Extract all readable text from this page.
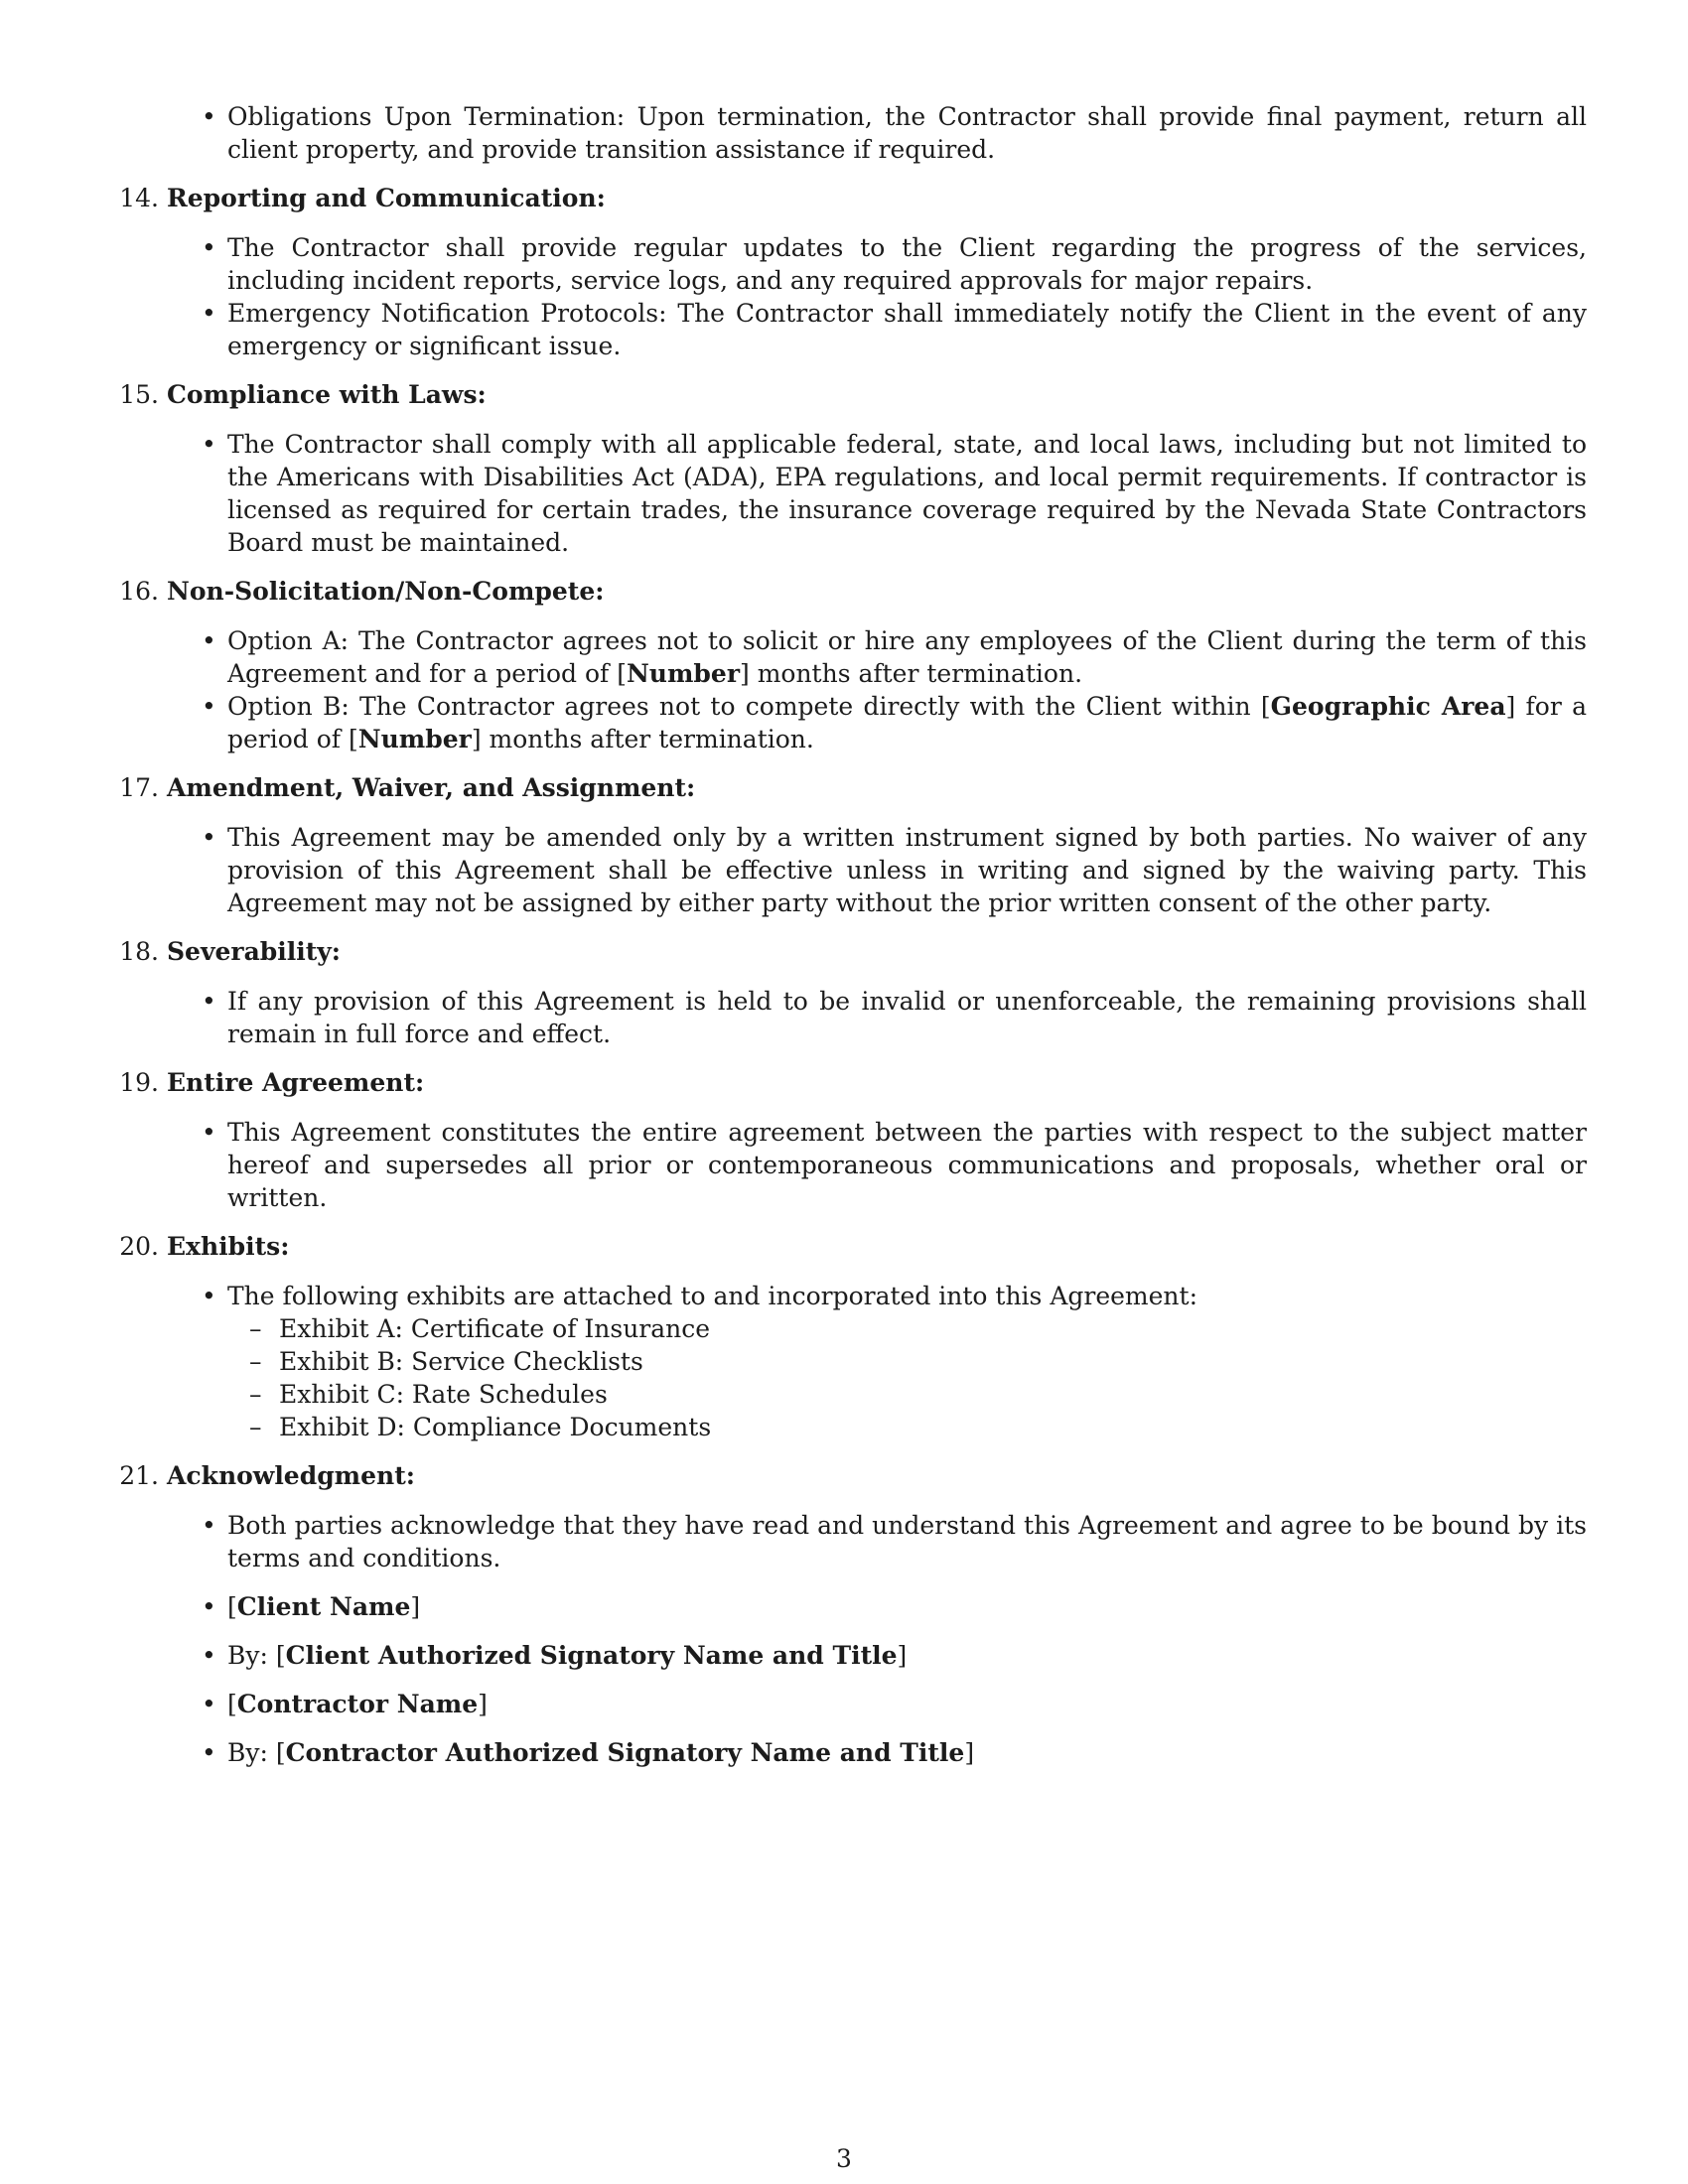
• Obligations Upon Termination: Upon termination, the Contractor shall provide final payment, return all client property, and provide transition assistance if required.
14. Reporting and Communication:
• The Contractor shall provide regular updates to the Client regarding the progress of the services, including incident reports, service logs, and any required approvals for major repairs.
• Emergency Notification Protocols: The Contractor shall immediately notify the Client in the event of any emergency or significant issue.
15. Compliance with Laws:
• The Contractor shall comply with all applicable federal, state, and local laws, including but not limited to the Americans with Disabilities Act (ADA), EPA regulations, and local permit requirements. If contractor is licensed as required for certain trades, the insurance coverage required by the Nevada State Contractors Board must be maintained.
16. Non-Solicitation/Non-Compete:
• Option A: The Contractor agrees not to solicit or hire any employees of the Client during the term of this Agreement and for a period of [Number] months after termination.
• Option B: The Contractor agrees not to compete directly with the Client within [Geographic Area] for a period of [Number] months after termination.
17. Amendment, Waiver, and Assignment:
• This Agreement may be amended only by a written instrument signed by both parties. No waiver of any provision of this Agreement shall be effective unless in writing and signed by the waiving party. This Agreement may not be assigned by either party without the prior written consent of the other party.
18. Severability:
• If any provision of this Agreement is held to be invalid or unenforceable, the remaining provisions shall remain in full force and effect.
19. Entire Agreement:
• This Agreement constitutes the entire agreement between the parties with respect to the subject matter hereof and supersedes all prior or contemporaneous communications and proposals, whether oral or written.
20. Exhibits:
• The following exhibits are attached to and incorporated into this Agreement:
– Exhibit A: Certificate of Insurance
– Exhibit B: Service Checklists
– Exhibit C: Rate Schedules
– Exhibit D: Compliance Documents
21. Acknowledgment:
• Both parties acknowledge that they have read and understand this Agreement and agree to be bound by its terms and conditions.
• [Client Name]
• By: [Client Authorized Signatory Name and Title]
• [Contractor Name]
• By: [Contractor Authorized Signatory Name and Title]
3
